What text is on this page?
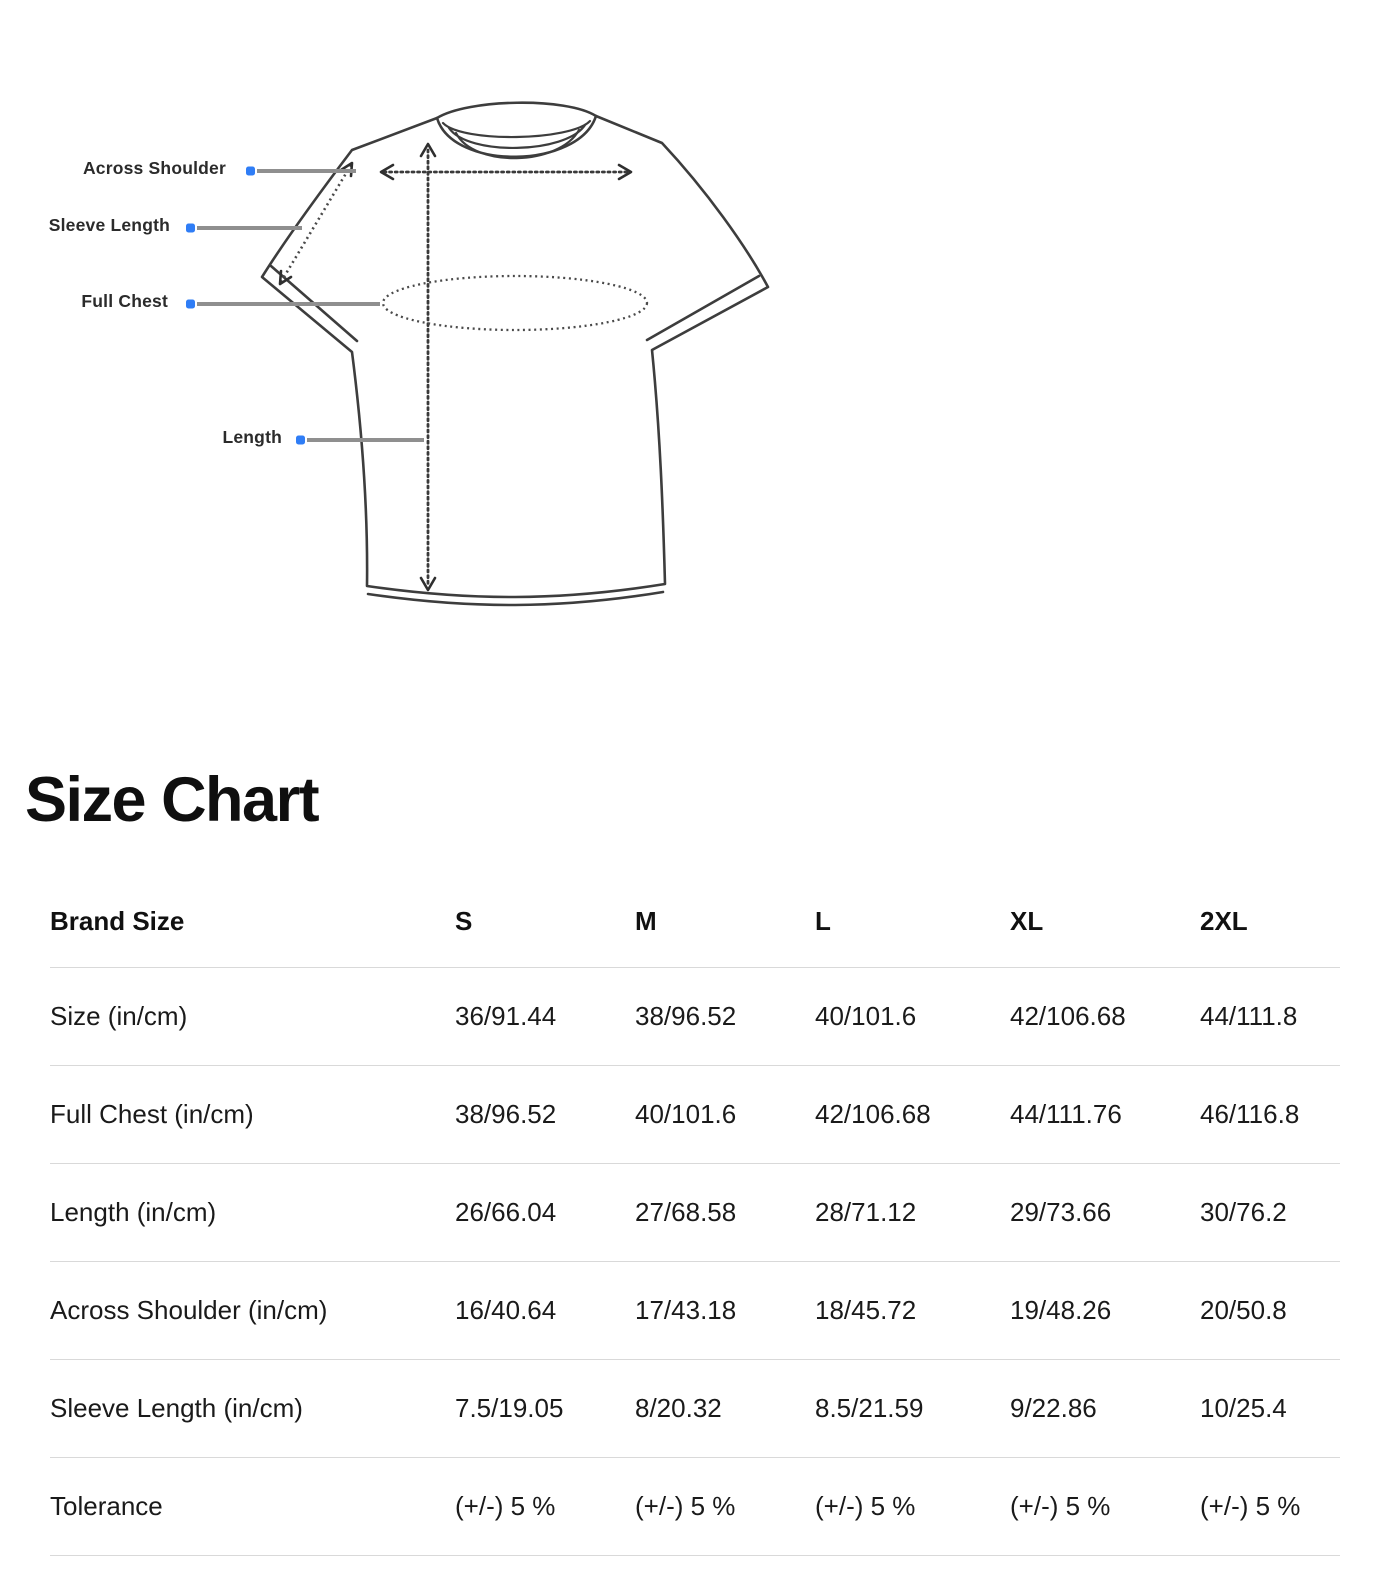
Across Shoulder
Sleeve Length
Full Chest
Length
Size Chart
Brand Size	S	M	L	XL	2XL
Size (in/cm)	36/91.44	38/96.52	40/101.6	42/106.68	44/111.8
Full Chest (in/cm)	38/96.52	40/101.6	42/106.68	44/111.76	46/116.8
Length (in/cm)	26/66.04	27/68.58	28/71.12	29/73.66	30/76.2
Across Shoulder (in/cm)	16/40.64	17/43.18	18/45.72	19/48.26	20/50.8
Sleeve Length (in/cm)	7.5/19.05	8/20.32	8.5/21.59	9/22.86	10/25.4
Tolerance	(+/-) 5 %	(+/-) 5 %	(+/-) 5 %	(+/-) 5 %	(+/-) 5 %
